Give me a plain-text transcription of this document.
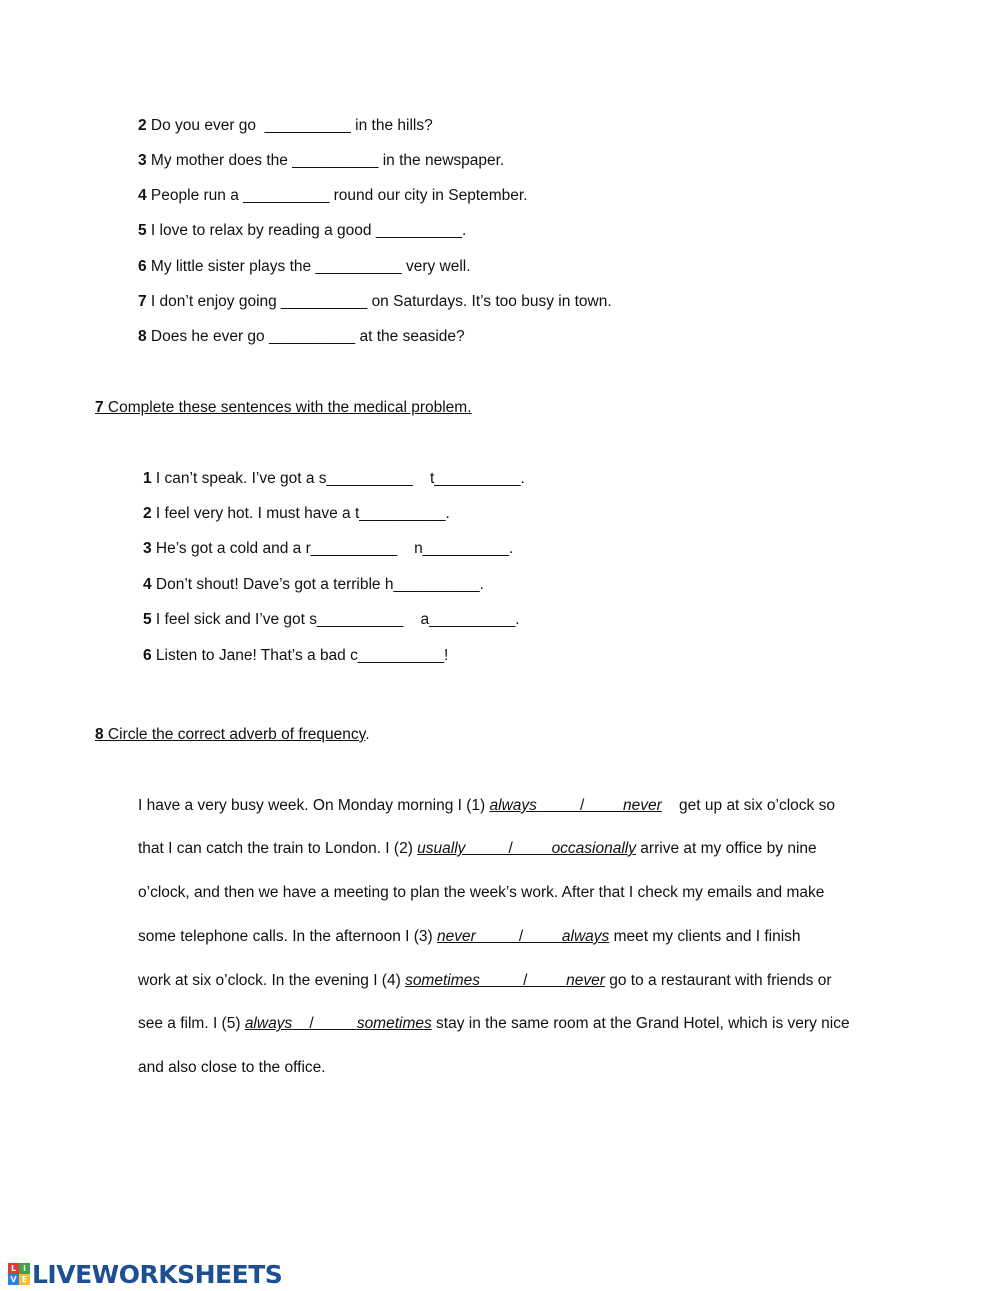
2 Do you ever go  __________ in the hills?
3 My mother does the __________ in the newspaper.
4 People run a __________ round our city in September.
5 I love to relax by reading a good __________.
6 My little sister plays the __________ very well.
7 I don’t enjoy going __________ on Saturdays. It’s too busy in town.
8 Does he ever go __________ at the seaside?
7 Complete these sentences with the medical problem.
1 I can’t speak. I’ve got a s__________    t__________.
2 I feel very hot. I must have a t__________.
3 He’s got a cold and a r__________    n__________.
4 Don’t shout! Dave’s got a terrible h__________.
5 I feel sick and I’ve got s__________    a__________.
6 Listen to Jane! That’s a bad c__________!
8 Circle the correct adverb of frequency.
I have a very busy week. On Monday morning I (1) always          /         never    get up at six o’clock so
that I can catch the train to London. I (2) usually          /         occasionally arrive at my office by nine
o’clock, and then we have a meeting to plan the week’s work. After that I check my emails and make
some telephone calls. In the afternoon I (3) never          /         always meet my clients and I finish
work at six o’clock. In the evening I (4) sometimes          /         never go to a restaurant with friends or
see a film. I (5) always    /          sometimes stay in the same room at the Grand Hotel, which is very nice
and also close to the office.
L i
V E LIVEWORKSHEETS
